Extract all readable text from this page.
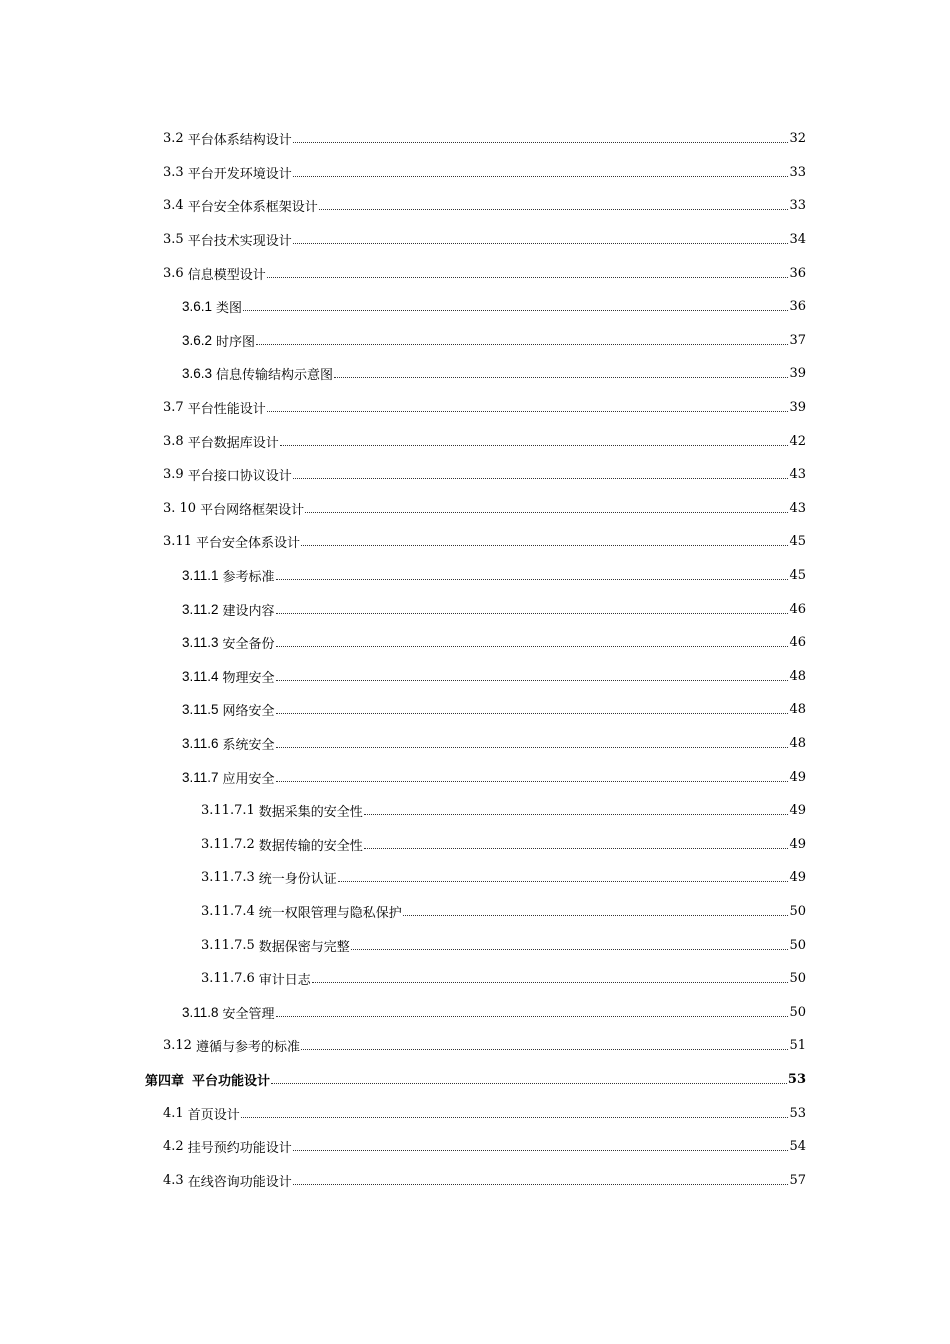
3.2 平台体系结构设计	32
3.3 平台开发环境设计	33
3.4 平台安全体系框架设计	33
3.5 平台技术实现设计	34
3.6 信息模型设计	36
3.6.1 类图	36
3.6.2 时序图	37
3.6.3 信息传输结构示意图	39
3.7 平台性能设计	39
3.8 平台数据库设计	42
3.9 平台接口协议设计	43
3. 10 平台网络框架设计	43
3.11 平台安全体系设计	45
3.11.1 参考标准	45
3.11.2 建设内容	46
3.11.3 安全备份	46
3.11.4 物理安全	48
3.11.5 网络安全	48
3.11.6 系统安全	48
3.11.7 应用安全	49
3.11.7.1 数据采集的安全性	49
3.11.7.2 数据传输的安全性	49
3.11.7.3 统一身份认证	49
3.11.7.4 统一权限管理与隐私保护	50
3.11.7.5 数据保密与完整	50
3.11.7.6 审计日志	50
3.11.8 安全管理	50
3.12 遵循与参考的标准	51
第四章 平台功能设计	53
4.1 首页设计	53
4.2 挂号预约功能设计	54
4.3 在线咨询功能设计	57
